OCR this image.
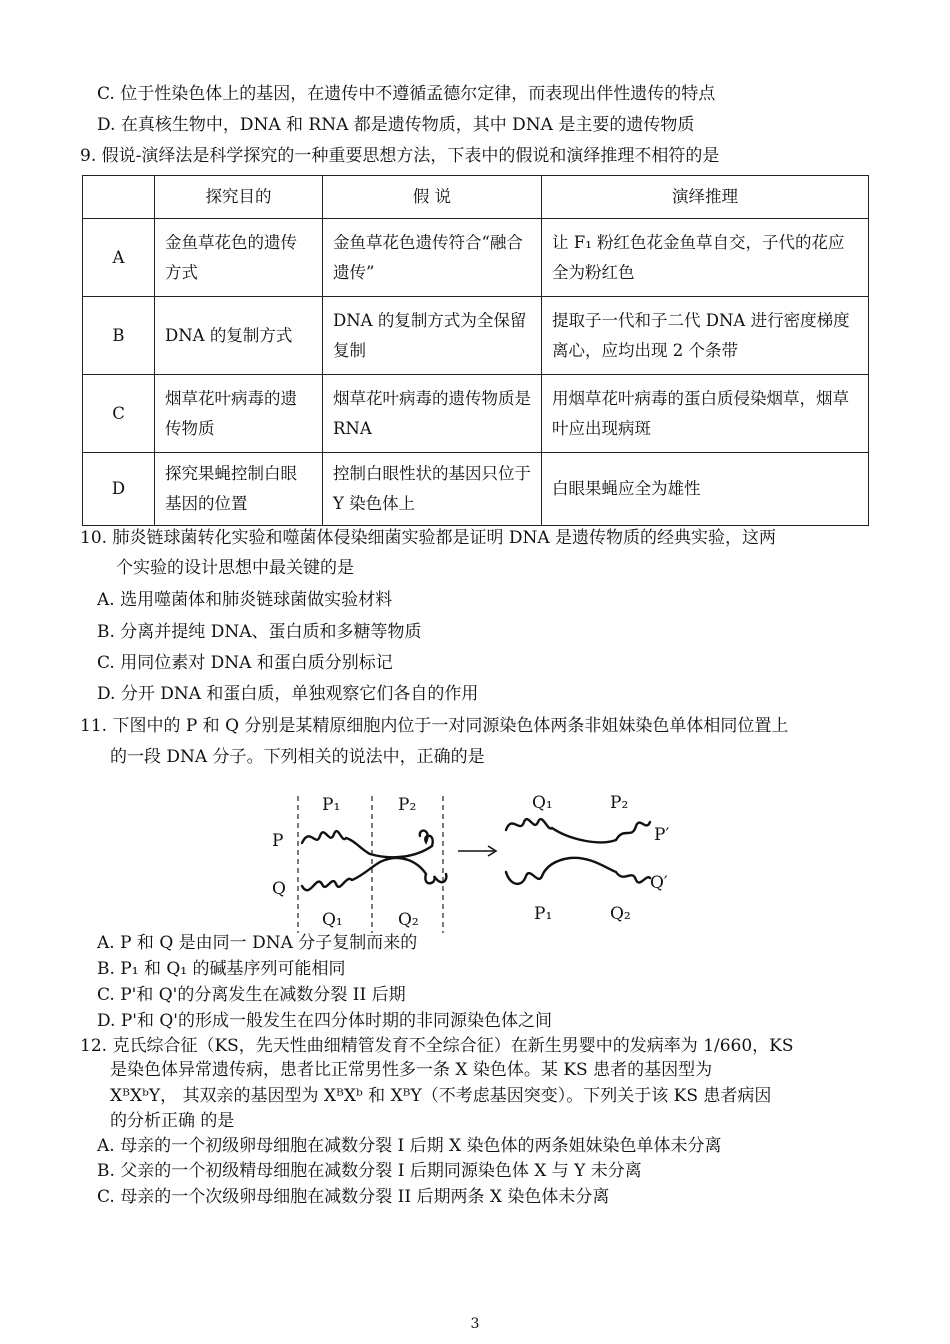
C. 位于性染色体上的基因，在遗传中不遵循孟德尔定律，而表现出伴性遗传的特点
D. 在真核生物中，DNA 和 RNA 都是遗传物质，其中 DNA 是主要的遗传物质
9. 假说-演绎法是科学探究的一种重要思想方法，下表中的假说和演绎推理不相符的是
	探究目的	假 说	演绎推理
A	金鱼草花色的遗传方式	金鱼草花色遗传符合“融合遗传”	让 F₁ 粉红色花金鱼草自交，子代的花应全为粉红色
B	DNA 的复制方式	DNA 的复制方式为全保留复制	提取子一代和子二代 DNA 进行密度梯度离心，应均出现 2 个条带
C	烟草花叶病毒的遗传物质	烟草花叶病毒的遗传物质是 RNA	用烟草花叶病毒的蛋白质侵染烟草，烟草叶应出现病斑
D	探究果蝇控制白眼基因的位置	控制白眼性状的基因只位于 Y 染色体上	白眼果蝇应全为雄性
10. 肺炎链球菌转化实验和噬菌体侵染细菌实验都是证明 DNA 是遗传物质的经典实验，这两
个实验的设计思想中最关键的是
A. 选用噬菌体和肺炎链球菌做实验材料
B. 分离并提纯 DNA、蛋白质和多糖等物质
C. 用同位素对 DNA 和蛋白质分别标记
D. 分开 DNA 和蛋白质，单独观察它们各自的作用
11. 下图中的 P 和 Q 分别是某精原细胞内位于一对同源染色体两条非姐妹染色单体相同位置上
的一段 DNA 分子。下列相关的说法中，正确的是
P
Q
P₁	P₂
Q₁	Q₂
Q₁	P₂
P′
Q′
P₁	Q₂
A. P 和 Q 是由同一 DNA 分子复制而来的
B. P₁ 和 Q₁ 的碱基序列可能相同
C. P'和 Q'的分离发生在减数分裂 II 后期
D. P'和 Q'的形成一般发生在四分体时期的非同源染色体之间
12. 克氏综合征（KS，先天性曲细精管发育不全综合征）在新生男婴中的发病率为 1/660，KS
是染色体异常遗传病，患者比正常男性多一条 X 染色体。某 KS 患者的基因型为
XᴮXᵇY， 其双亲的基因型为 XᴮXᵇ 和 XᴮY（不考虑基因突变）。下列关于该 KS 患者病因
的分析正确 的是
A. 母亲的一个初级卵母细胞在减数分裂 I 后期 X 染色体的两条姐妹染色单体未分离
B. 父亲的一个初级精母细胞在减数分裂 I 后期同源染色体 X 与 Y 未分离
C. 母亲的一个次级卵母细胞在减数分裂 II 后期两条 X 染色体未分离
3
